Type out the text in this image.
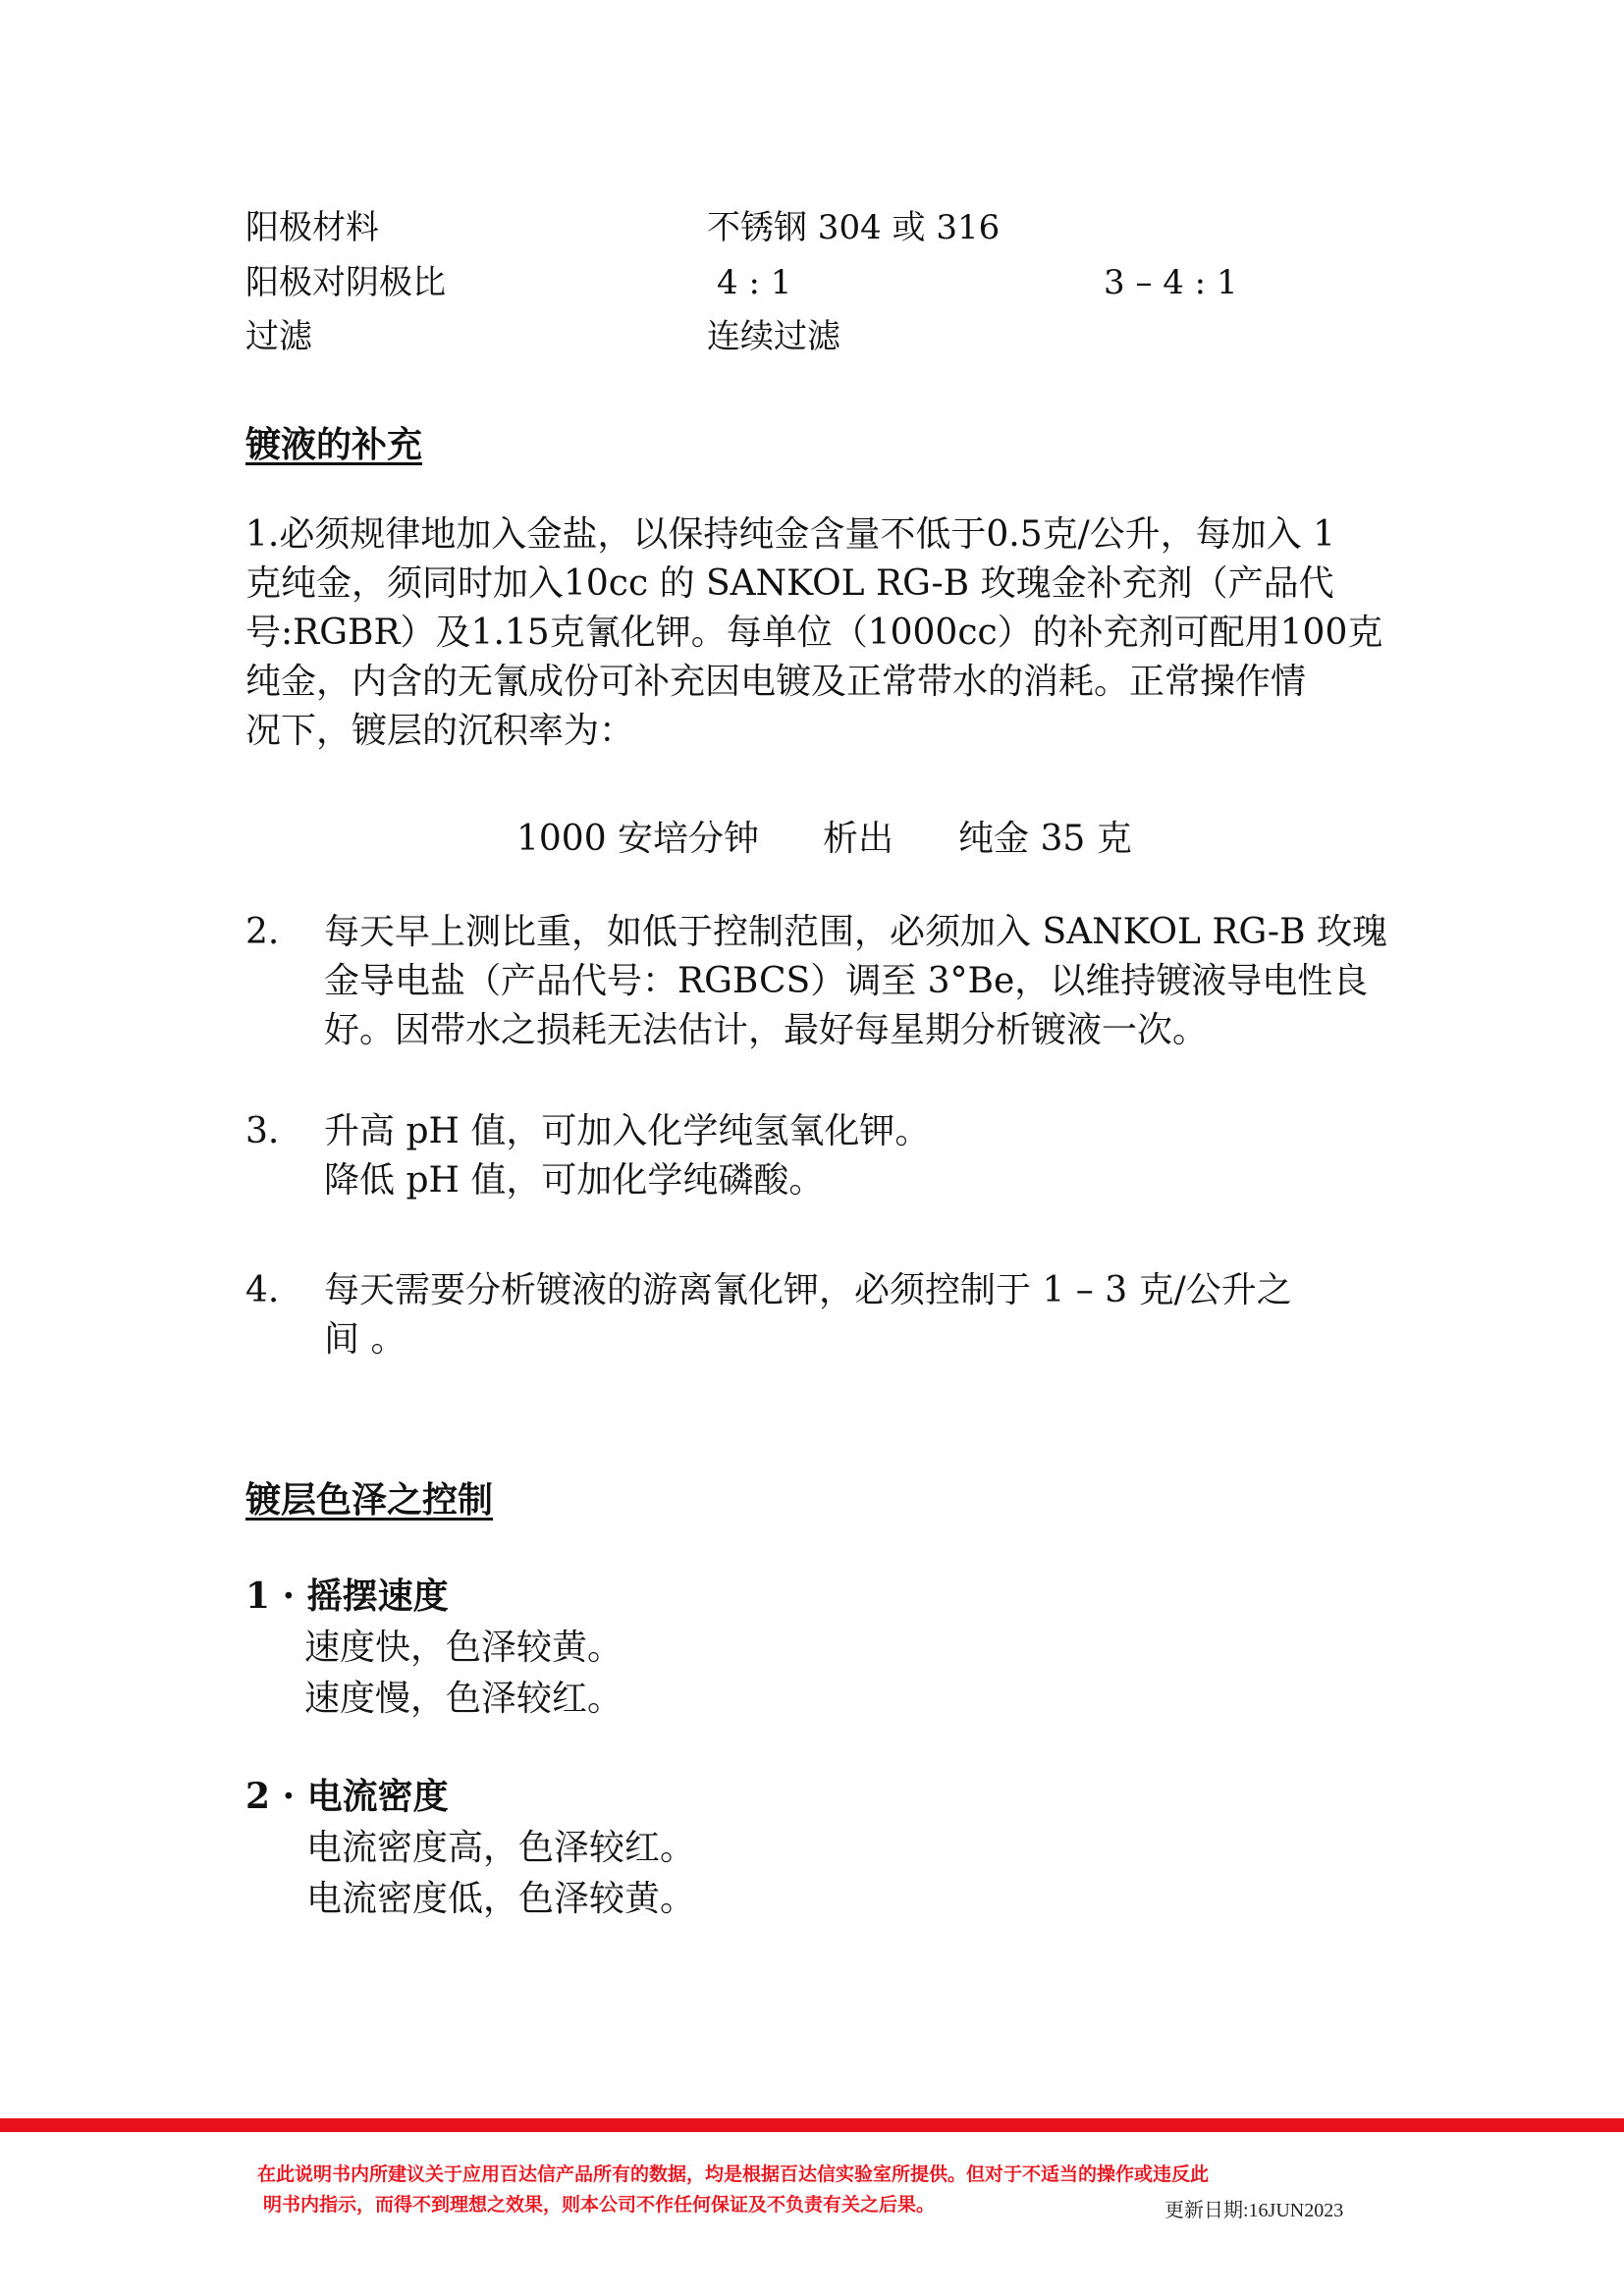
阳极材料	不锈钢 304 或 316
阳极对阴极比	4 : 1	3 – 4 : 1
过滤	连续过滤
镀液的补充
1.必须规律地加入金盐，以保持纯金含量不低于0.5克/公升，每加入 1
克纯金，须同时加入10cc 的 SANKOL RG-B 玫瑰金补充剂（产品代
号:RGBR）及1.15克氰化钾。每单位（1000cc）的补充剂可配用100克
纯金，内含的无氰成份可补充因电镀及正常带水的消耗。正常操作情
况下，镀层的沉积率为：
1000 安培分钟 析出 纯金 35 克
2. 每天早上测比重，如低于控制范围，必须加入 SANKOL RG-B 玫瑰
金导电盐（产品代号：RGBCS）调至 3°Be，以维持镀液导电性良
好。因带水之损耗无法估计，最好每星期分析镀液一次。
3. 升高 pH 值，可加入化学纯氢氧化钾。
降低 pH 值，可加化学纯磷酸。
4. 每天需要分析镀液的游离氰化钾，必须控制于 1 – 3 克/公升之
间 。
镀层色泽之控制
1 · 摇摆速度
速度快，色泽较黄。
速度慢，色泽较红。
2 · 电流密度
电流密度高，色泽较红。
电流密度低，色泽较黄。
在此说明书内所建议关于应用百达信产品所有的数据，均是根据百达信实验室所提供。但对于不适当的操作或违反此
明书内指示，而得不到理想之效果，则本公司不作任何保证及不负责有关之后果。	更新日期:16JUN2023
